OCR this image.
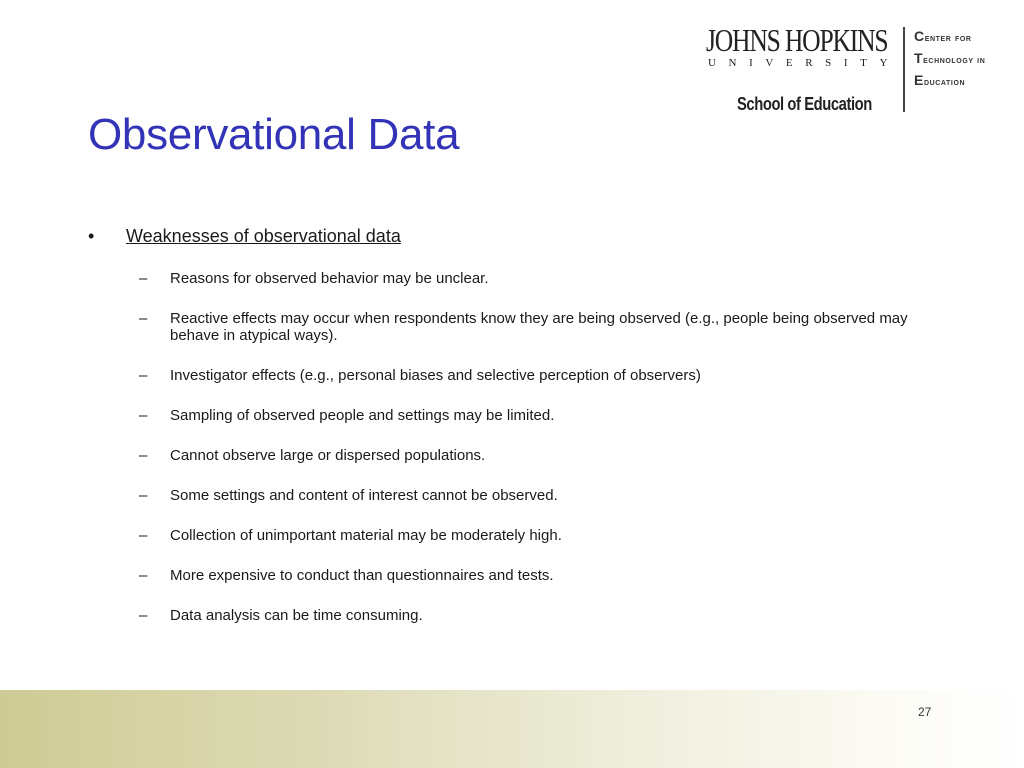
JOHNS HOPKINS
UNIVERSITY
School of Education
Center for
Technology in
Education
Observational Data
• Weaknesses of observational data
– Reasons for observed behavior may be unclear.
– Reactive effects may occur when respondents know they are being observed (e.g., people being observed may behave in atypical ways).
– Investigator effects (e.g., personal biases and selective perception of observers)
– Sampling of observed people and settings may be limited.
– Cannot observe large or dispersed populations.
– Some settings and content of interest cannot be observed.
– Collection of unimportant material may be moderately high.
– More expensive to conduct than questionnaires and tests.
– Data analysis can be time consuming.
27
